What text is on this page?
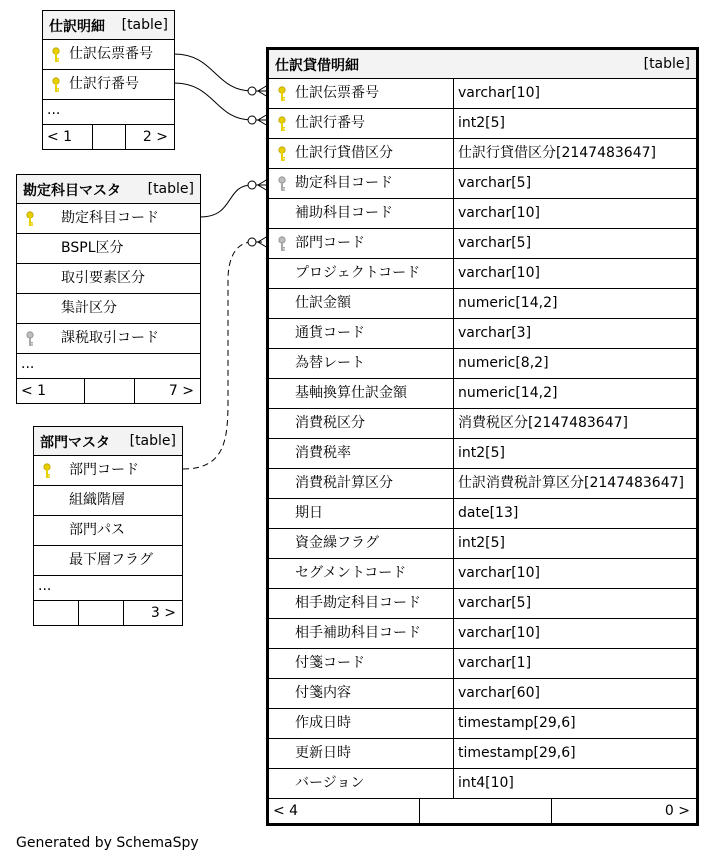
仕訳明細 [table]
仕訳伝票番号
仕訳行番号
...
< 1	2 >
勘定科目マスタ [table]
勘定科目コード
BSPL区分
取引要素区分
集計区分
課税取引コード
...
< 1	7 >
部門マスタ [table]
部門コード
組織階層
部門パス
最下層フラグ
...
3 >
仕訳貸借明細	[table]
仕訳伝票番号	varchar[10]
仕訳行番号	int2[5]
仕訳行貸借区分	仕訳行貸借区分[2147483647]
勘定科目コード	varchar[5]
補助科目コード	varchar[10]
部門コード	varchar[5]
プロジェクトコード	varchar[10]
仕訳金額	numeric[14,2]
通貨コード	varchar[3]
為替レート	numeric[8,2]
基軸換算仕訳金額	numeric[14,2]
消費税区分	消費税区分[2147483647]
消費税率	int2[5]
消費税計算区分	仕訳消費税計算区分[2147483647]
期日	date[13]
資金繰フラグ	int2[5]
セグメントコード	varchar[10]
相手勘定科目コード	varchar[5]
相手補助科目コード	varchar[10]
付箋コード	varchar[1]
付箋内容	varchar[60]
作成日時	timestamp[29,6]
更新日時	timestamp[29,6]
バージョン	int4[10]
< 4	0 >
Generated by SchemaSpy
